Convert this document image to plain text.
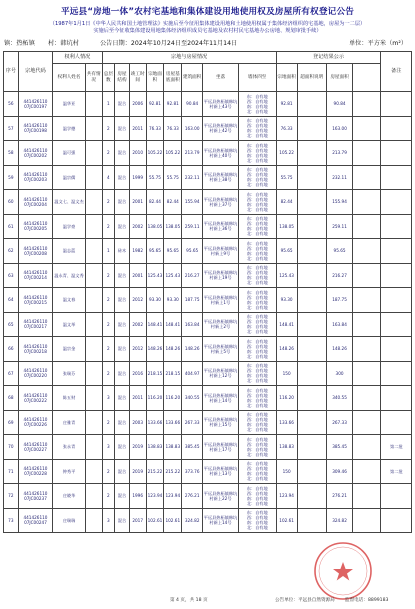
平远县“房地一体”农村宅基地和集体建设用地使用权及房屋所有权登记公告
（1987年1月1日《中华人民共和国土地管理法》实施后至今征用集体建设用地和土地使用权属于集体经济组织的宅基地，房屋为一二层）
实施后至今征收集体建设用地集体经济组织成员宅基地及农村村民宅基地办公房地、规划审批手续）
镇：热柘镇 村：韩坑村	公告日期：2024年10月24日至2024年11月14日	单位：平方米（m²）
序号	宗地代码	权利人情况		宗地与房屋情况								登记结果公示				备注
		权利人姓名	共有情况	总层数	房屋结构	竣工时间	宗地面积	房屋基底面积	建筑面积	坐落	墙体四至	宗地面积	超面积说明	房屋面积		
56	441426110
07JC00197	温华亚		1	混合	2006	92.81	92.81	90.84	平远县热柘镇韩坑村新上43号	东：自有地
西：自有地
南：自有地
北：自有地	92.81		90.84		
57	441426110
07JC00198	温学德		2	混合	2011	76.33	76.33	163.00	平远县热柘镇韩坑村新上42号	东：自有地
西：自有地
南：自有地
北：自有地	76.33		163.00		
58	441426110
07JC00202	温可强		2	混合	2010	105.22	105.22	213.79	平远县热柘镇韩坑村新上40号	东：自有地
西：自有地
南：自有地
北：自有地	105.22		213.79		
59	441426110
07JC00203	温宗儒		4	混合	1999	55.75	55.75	232.11	平远县热柘镇韩坑村新上38号	东：自有地
西：自有地
南：自有地
北：自有地	55.75		232.11		
60	441426110
07JC00204	温文七、温文杰		2	混合	2001	82.44	82.44	155.94	平远县热柘镇韩坑村新上37号	东：自有地
西：自有地
南：自有地
北：自有地	82.44		155.94		
61	441426110
07JC00205	温学豪		2	混合	2002	138.05	138.05	259.11	平远县热柘镇韩坑村新上36号	东：自有地
西：自有地
南：自有地
北：自有地	138.05		259.11		
62	441426110
07JC00208	温志蓝		1	砖木	1982	95.65	95.65	95.65	平远县热柘镇韩坑村新上9号	东：自有地
西：自有地
南：自有地
北：自有地	95.65		95.65		
63	441426110
07JC00214	温永青、温文秀		2	混合	2001	125.43	125.43	216.27	平远县热柘镇韩坑村新上19号	东：自有地
西：自有地
南：自有地
北：自有地	125.43		216.27		
64	441426110
07JC00215	温文春		2	混合	2012	93.30	93.30	187.75	平远县热柘镇韩坑村新上1号	东：自有地
西：自有地
南：自有地
北：自有地	93.30		187.75		
65	441426110
07JC00217	温文举		2	混合	2002	148.41	148.41	163.84	平远县热柘镇韩坑村新上2号	东：自有地
西：自有地
南：自有地
北：自有地	148.41		163.84		
66	441426110
07JC00218	温宗金		2	混合	2012	148.26	148.26	148.26	平远县热柘镇韩坑村新上5号	东：自有地
西：自有地
南：自有地
北：自有地	148.26		148.26		
67	441426110
07JC00220	张瑞芬		2	混合	2016	218.15	218.15	404.97	平远县热柘镇韩坑村新上12号	东：自有地
西：自有地
南：自有地
北：自有地	150		300		
68	441426110
07JC00222	陈五财		3	混合	2011	116.20	116.20	340.55	平远县热柘镇韩坑村新上14号	东：自有地
西：自有地
南：自有地
北：自有地	116.20		340.55		
69	441426110
07JC00226	庄雅青		2	混合	2003	133.66	133.66	267.33	平远县热柘镇韩坑村新上15号	东：自有地
西：自有地
南：自有地
北：自有地	133.66		267.33		
70	441426110
07JC00227	张永青		3	混合	2019	138.83	138.83	385.45	平远县热柘镇韩坑村新上17号	东：自有地
西：自有地
南：自有地
北：自有地	138.83		385.45		第二批
71	441426110
07JC00228	钟秀平		2	混合	2019	215.22	215.22	373.76	平远县热柘镇韩坑村新上13号	东：自有地
西：自有地
南：自有地
北：自有地	150		309.46		第二批
72	441426110
07JC00237	庄晓华		2	混合	1996	123.94	123.94	276.21	平远县热柘镇韩坑村新上22号	东：自有地
西：自有地
南：自有地
北：自有地	123.94		276.21		
73	441426110
07JC00247	庄瑞瑞		3	混合	2017	102.61	102.61	324.82	平远县热柘镇韩坑村新上14号	东：自有地
西：自有地
南：自有地
北：自有地	102.61		324.82		
第 4 页，共 18 页	公告单位：平远县自然资源局 监督电话：8899183
